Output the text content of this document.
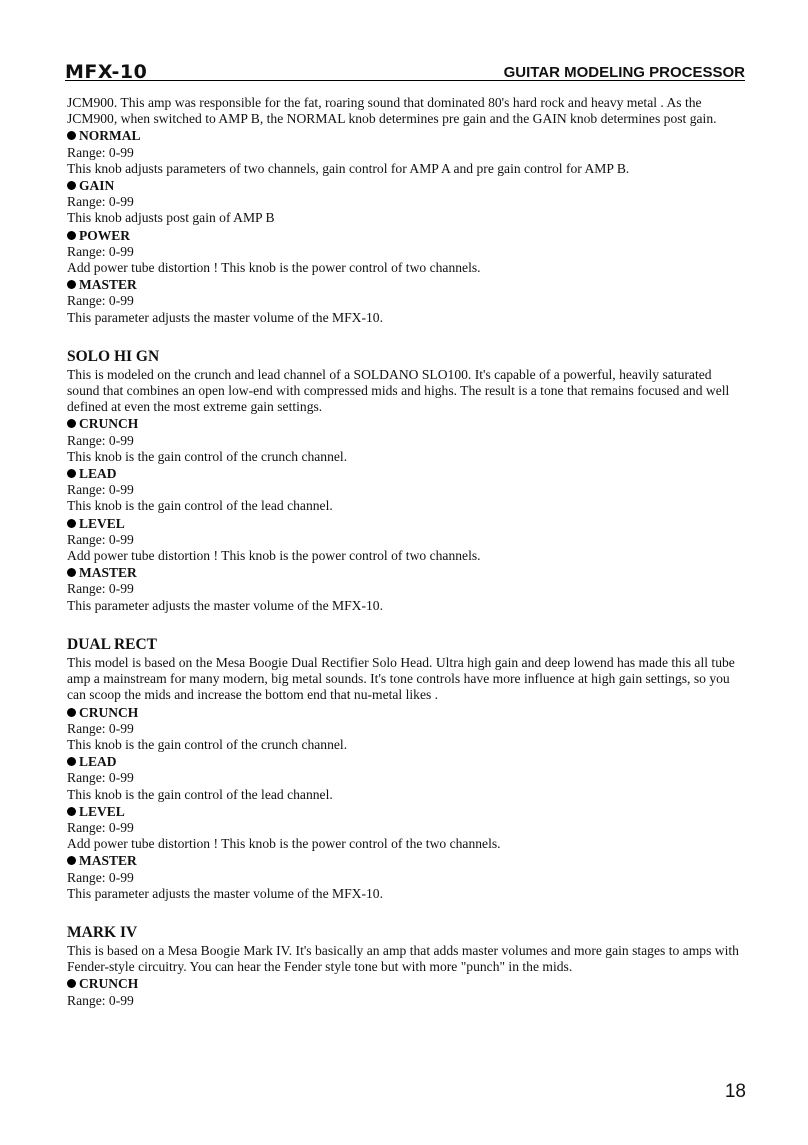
MFX-10	GUITAR MODELING PROCESSOR

JCM900. This amp was responsible for the fat, roaring sound that dominated 80's hard rock and heavy metal . As the JCM900, when switched to AMP B, the NORMAL knob determines pre gain and the GAIN knob determines post gain.

NORMAL
Range: 0-99
This knob adjusts parameters of two channels, gain control for AMP A and pre gain control for AMP B.
GAIN
Range: 0-99
This knob adjusts post gain of AMP B
POWER
Range: 0-99
Add power tube distortion ! This knob is the power control of two channels.
MASTER
Range: 0-99
This parameter adjusts the master volume of the MFX-10.
SOLO HI GN

This is modeled on the crunch and lead channel of a SOLDANO SLO100. It's capable of a powerful, heavily saturated sound that combines an open low-end with compressed mids and highs. The result is a tone that remains focused and well defined at even the most extreme gain settings.

CRUNCH
Range: 0-99
This knob is the gain control of the crunch channel.
LEAD
Range: 0-99
This knob is the gain control of the lead channel.
LEVEL
Range: 0-99
Add power tube distortion ! This knob is the power control of two channels.
MASTER
Range: 0-99
This parameter adjusts the master volume of the MFX-10.
DUAL RECT

This model is based on the Mesa Boogie Dual Rectifier Solo Head. Ultra high gain and deep lowend has made this all tube amp a mainstream for many modern, big metal sounds. It's tone controls have more influence at high gain settings, so you can scoop the mids and increase the bottom end that nu-metal likes .

CRUNCH
Range: 0-99
This knob is the gain control of the crunch channel.
LEAD
Range: 0-99
This knob is the gain control of the lead channel.
LEVEL
Range: 0-99
Add power tube distortion ! This knob is the power control of the two channels.
MASTER
Range: 0-99
This parameter adjusts the master volume of the MFX-10.
MARK IV

This is based on a Mesa Boogie Mark IV. It's basically an amp that adds master volumes and more gain stages to amps with Fender-style circuitry. You can hear the Fender style tone but with more "punch" in the mids.

CRUNCH
Range: 0-99
18
